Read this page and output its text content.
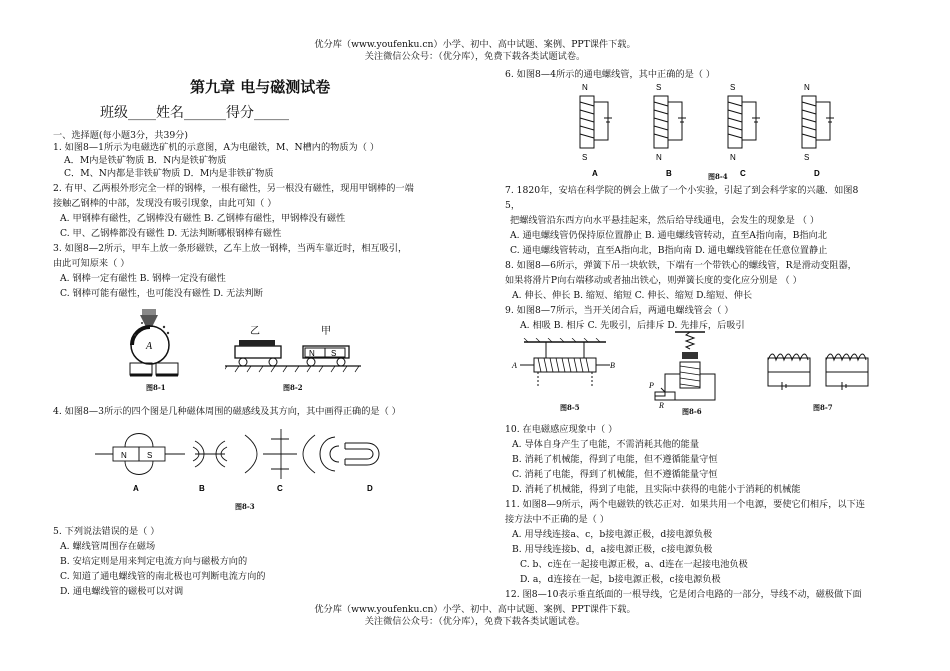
优分库（www.youfenku.cn）小学、初中、高中试题、案例、PPT课件下载。
关注微信公众号：（优分库），免费下载各类试题试卷。
第九章 电与磁测试卷
班级____姓名______得分_____
一、选择题(每小题3分，共39分)
1. 如图8—1所示为电磁选矿机的示意图，A为电磁铁，M、N槽内的物质为（ ）
A．M内是铁矿物质 B．N内是铁矿物质
C．M、N内都是非铁矿物质 D．M内是非铁矿物质
2. 有甲、乙两根外形完全一样的钢棒，一根有磁性，另一根没有磁性，现用甲钢棒的一端
接触乙钢棒的中部，发现没有吸引现象，由此可知（ ）
A. 甲钢棒有磁性，乙钢棒没有磁性 B. 乙钢棒有磁性，甲钢棒没有磁性
C. 甲、乙钢棒都没有磁性 D. 无法判断哪根钢棒有磁性
3. 如图8—2所示，甲车上放一条形磁铁，乙车上放一钢棒，当两车靠近时，相互吸引，
由此可知原来（ ）
A. 钢棒一定有磁性 B. 钢棒一定没有磁性
C. 钢棒可能有磁性，也可能没有磁性 D. 无法判断
A
图8-1
乙	甲
N S
图8-2
4. 如图8—3所示的四个图是几种磁体周围的磁感线及其方向，其中画得正确的是（ ）
N	S
A	B	C	D
图8-3
5. 下列说法错误的是（ ）
A. 螺线管周围存在磁场
B. 安培定则是用来判定电流方向与磁极方向的
C. 知道了通电螺线管的南北极也可判断电流方向的
D. 通电螺线管的磁极可以对调
6. 如图8—4所示的通电螺线管，其中正确的是（ ）
N
S
S
N
S
N
N
S
A	B	C	D
图8-4
7. 1820年，安培在科学院的例会上做了一个小实验，引起了到会科学家的兴趣．如图8
5，
把螺线管沿东西方向水平悬挂起来，然后给导线通电，会发生的现象是 （ ）
A. 通电螺线管仍保持原位置静止 B. 通电螺线管转动，直至A指向南，B指向北
C. 通电螺线管转动，直至A指向北，B指向南 D. 通电螺线管能在任意位置静止
8. 如图8—6所示，弹簧下吊一块软铁，下端有一个带铁心的螺线管，R是滑动变阻器，
如果将滑片P向右端移动或者抽出铁心，则弹簧长度的变化应分别是 （ ）
A. 伸长、伸长 B. 缩短、缩短 C. 伸长、缩短 D.缩短、伸长
9. 如图8—7所示，当开关闭合后，两通电螺线管会（ ）
A. 相吸 B. 相斥 C. 先吸引，后排斥 D. 先排斥，后吸引
A	B
图8-5
P
R
图8-6	图8-7
10. 在电磁感应现象中（ ）
A. 导体自身产生了电能，不需消耗其他的能量
B. 消耗了机械能，得到了电能，但不遵循能量守恒
C. 消耗了电能，得到了机械能，但不遵循能量守恒
D. 消耗了机械能，得到了电能，且实际中获得的电能小于消耗的机械能
11. 如图8—9所示，两个电磁铁的铁芯正对．如果共用一个电源，要使它们相斥，以下连
接方法中不正确的是（ ）
A. 用导线连接a、c，b接电源正极，d接电源负极
B. 用导线连接b、d，a接电源正极，c接电源负极
C. b、c连在一起接电源正极，a、d连在一起接电池负极
D. a，d连接在一起，b接电源正极，c接电源负极
12. 图8—10表示垂直纸面的一根导线，它是闭合电路的一部分，导线不动，磁极做下面
优分库（www.youfenku.cn）小学、初中、高中试题、案例、PPT课件下载。
关注微信公众号：（优分库），免费下载各类试题试卷。
